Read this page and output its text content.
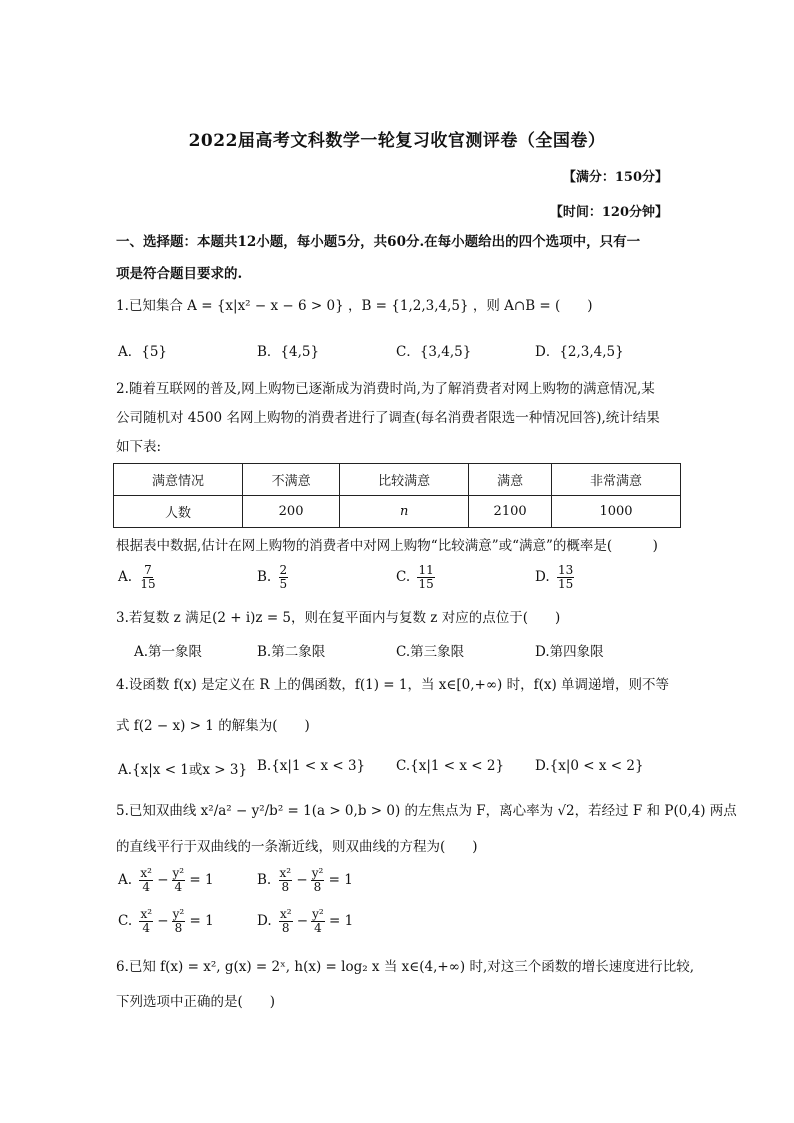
2022届高考文科数学一轮复习收官测评卷（全国卷）
【满分：150分】
【时间：120分钟】
一、选择题：本题共12小题，每小题5分，共60分.在每小题给出的四个选项中，只有一
项是符合题目要求的.
1.已知集合 A = {x|x² − x − 6 > 0} ，B = {1,2,3,4,5} ，则 A∩B = (　　)
A．{5}	B．{4,5}	C．{3,4,5}	D．{2,3,4,5}
2.随着互联网的普及,网上购物已逐渐成为消费时尚,为了解消费者对网上购物的满意情况,某
公司随机对 4500 名网上购物的消费者进行了调查(每名消费者限选一种情况回答),统计结果
如下表:
满意情况	不满意	比较满意	满意	非常满意
人数	200	n	2100	1000
根据表中数据,估计在网上购物的消费者中对网上购物“比较满意”或“满意”的概率是(　　　)
A. $\frac{7}{15}$	B. $\frac{2}{5}$	C. $\frac{11}{15}$	D. $\frac{13}{15}$
3.若复数 z 满足(2 + i)z = 5，则在复平面内与复数 z 对应的点位于(　　)
A.第一象限	B.第二象限	C.第三象限	D.第四象限
4.设函数 f(x) 是定义在 R 上的偶函数，f(1) = 1，当 x∈[0,+∞) 时，f(x) 单调递增，则不等
式 f(2 − x) > 1 的解集为(　　)
A.{x|x < 1或x > 3} B.{x|1 < x < 3} C.{x|1 < x < 2} D.{x|0 < x < 2}
5.已知双曲线 x²/a² − y²/b² = 1(a > 0,b > 0) 的左焦点为 F，离心率为 √2，若经过 F 和 P(0,4) 两点
的直线平行于双曲线的一条渐近线，则双曲线的方程为(　　)
A. $\frac{\text{x²}}{4} - \frac{\text{y²}}{4} = 1$	B. $\frac{\text{x²}}{8} - \frac{\text{y²}}{8} = 1$
C. $\frac{\text{x²}}{4} - \frac{\text{y²}}{8} = 1$	D. $\frac{\text{x²}}{8} - \frac{\text{y²}}{4} = 1$
6.已知 f(x) = x², g(x) = 2ˣ, h(x) = log₂ x 当 x∈(4,+∞) 时,对这三个函数的增长速度进行比较,
下列选项中正确的是(　　)
